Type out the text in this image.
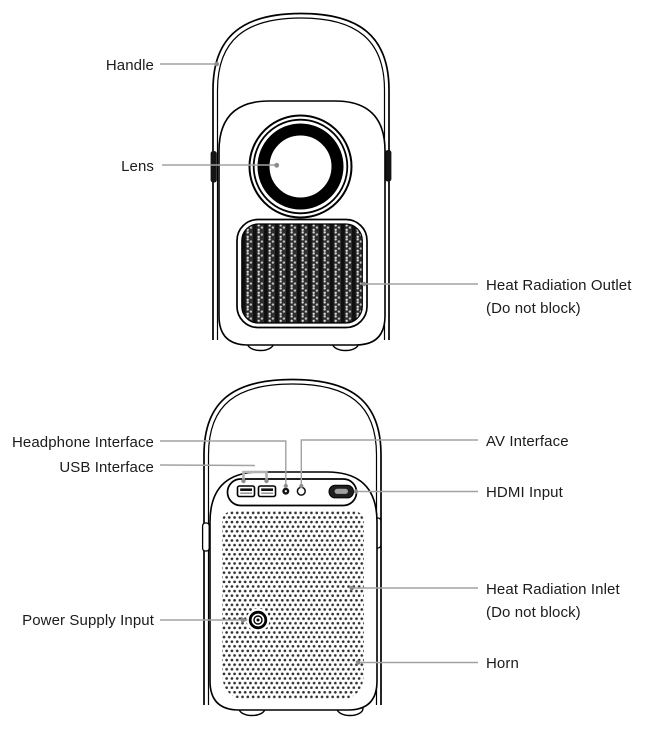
Handle
Lens
Heat Radiation Outlet
(Do not block)
Headphone Interface
USB Interface
Power Supply Input
AV Interface
HDMI Input
Heat Radiation Inlet
(Do not block)
Horn
